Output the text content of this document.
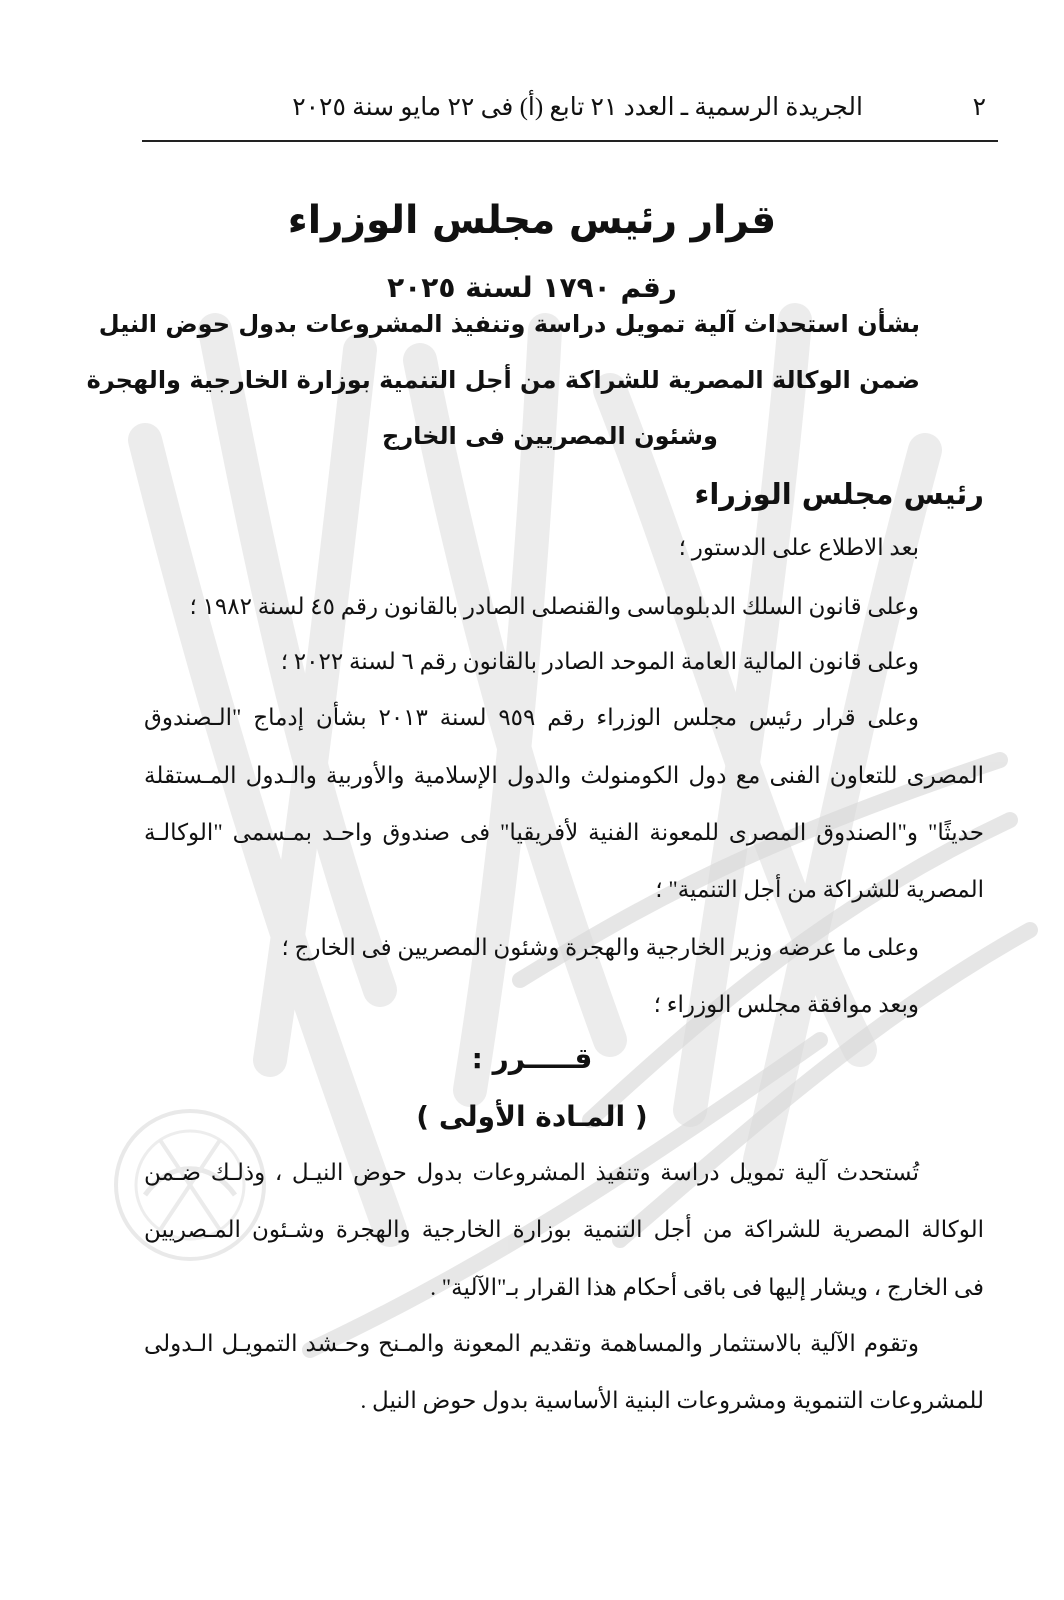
٢
الجريدة الرسمية ـ العدد ٢١ تابع (أ) فى ٢٢ مايو سنة ٢٠٢٥
قرار رئيس مجلس الوزراء
رقم ١٧٩٠ لسنة ٢٠٢٥
بشأن استحداث آلية تمويل دراسة وتنفيذ المشروعات بدول حوض النيل
ضمن الوكالة المصرية للشراكة من أجل التنمية بوزارة الخارجية والهجرة
وشئون المصريين فى الخارج
رئيس مجلس الوزراء
بعد الاطلاع على الدستور ؛
وعلى قانون السلك الدبلوماسى والقنصلى الصادر بالقانون رقم ٤٥ لسنة ١٩٨٢ ؛
وعلى قانون المالية العامة الموحد الصادر بالقانون رقم ٦ لسنة ٢٠٢٢ ؛
وعلى قرار رئيس مجلس الوزراء رقم ٩٥٩ لسنة ٢٠١٣ بشأن إدماج "الـصندوق
المصرى للتعاون الفنى مع دول الكومنولث والدول الإسلامية والأوربية والـدول المـستقلة
حديثًا" و"الصندوق المصرى للمعونة الفنية لأفريقيا" فى صندوق واحـد بمـسمى "الوكالـة
المصرية للشراكة من أجل التنمية" ؛
وعلى ما عرضه وزير الخارجية والهجرة وشئون المصريين فى الخارج ؛
وبعد موافقة مجلس الوزراء ؛
قـــــرر :
( المـادة الأولى )
تُستحدث آلية تمويل دراسة وتنفيذ المشروعات بدول حوض النيـل ، وذلـك ضـمن
الوكالة المصرية للشراكة من أجل التنمية بوزارة الخارجية والهجرة وشـئون المـصريين
فى الخارج ، ويشار إليها فى باقى أحكام هذا القرار بـ"الآلية" .
وتقوم الآلية بالاستثمار والمساهمة وتقديم المعونة والمـنح وحـشد التمويـل الـدولى
للمشروعات التنموية ومشروعات البنية الأساسية بدول حوض النيل .
